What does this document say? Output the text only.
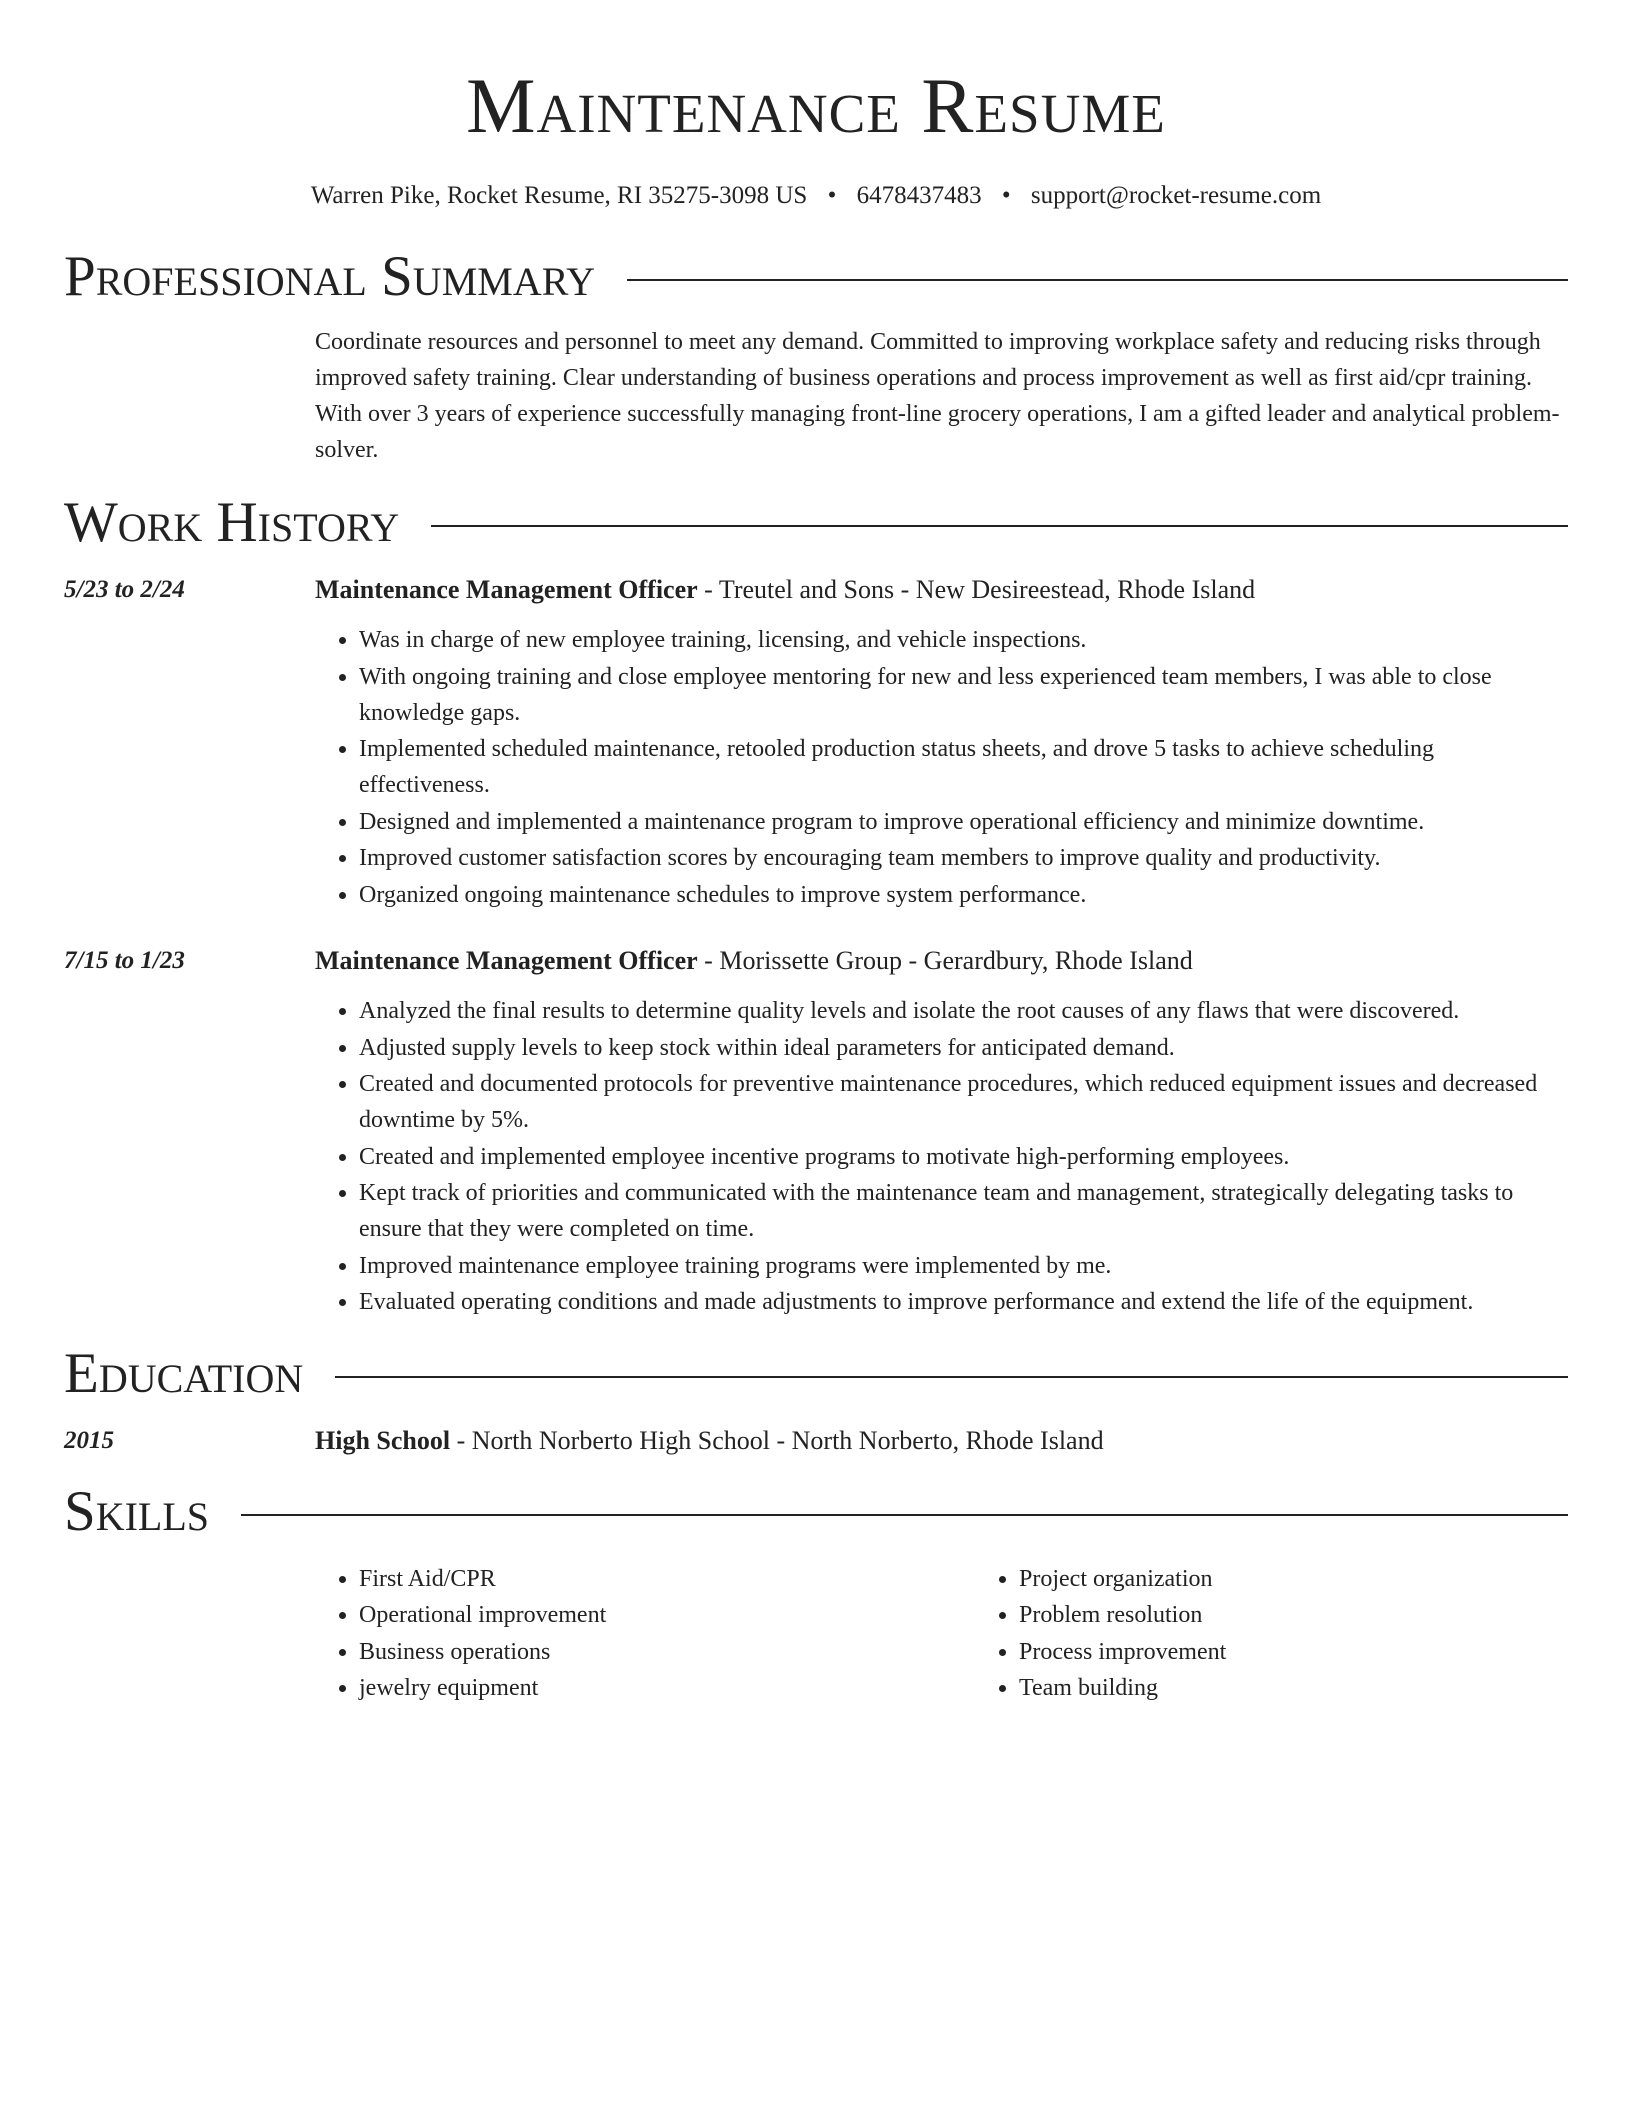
Maintenance Resume
Warren Pike, Rocket Resume, RI 35275-3098 US • 6478437483 • support@rocket-resume.com
Professional Summary

Coordinate resources and personnel to meet any demand. Committed to improving workplace safety and reducing risks through improved safety training. Clear understanding of business operations and process improvement as well as first aid/cpr training. With over 3 years of experience successfully managing front-line grocery operations, I am a gifted leader and analytical problem-solver.

Work History
5/23 to 2/24	Maintenance Management Officer - Treutel and Sons - New Desireestead, Rhode Island
• Was in charge of new employee training, licensing, and vehicle inspections.
• With ongoing training and close employee mentoring for new and less experienced team members, I was able to close knowledge gaps.
• Implemented scheduled maintenance, retooled production status sheets, and drove 5 tasks to achieve scheduling effectiveness.
• Designed and implemented a maintenance program to improve operational efficiency and minimize downtime.
• Improved customer satisfaction scores by encouraging team members to improve quality and productivity.
• Organized ongoing maintenance schedules to improve system performance.
7/15 to 1/23	Maintenance Management Officer - Morissette Group - Gerardbury, Rhode Island
• Analyzed the final results to determine quality levels and isolate the root causes of any flaws that were discovered.
• Adjusted supply levels to keep stock within ideal parameters for anticipated demand.
• Created and documented protocols for preventive maintenance procedures, which reduced equipment issues and decreased downtime by 5%.
• Created and implemented employee incentive programs to motivate high-performing employees.
• Kept track of priorities and communicated with the maintenance team and management, strategically delegating tasks to ensure that they were completed on time.
• Improved maintenance employee training programs were implemented by me.
• Evaluated operating conditions and made adjustments to improve performance and extend the life of the equipment.
Education
2015	High School - North Norberto High School - North Norberto, Rhode Island
Skills
• First Aid/CPR
• Operational improvement
• Business operations
• jewelry equipment
• Project organization
• Problem resolution
• Process improvement
• Team building
